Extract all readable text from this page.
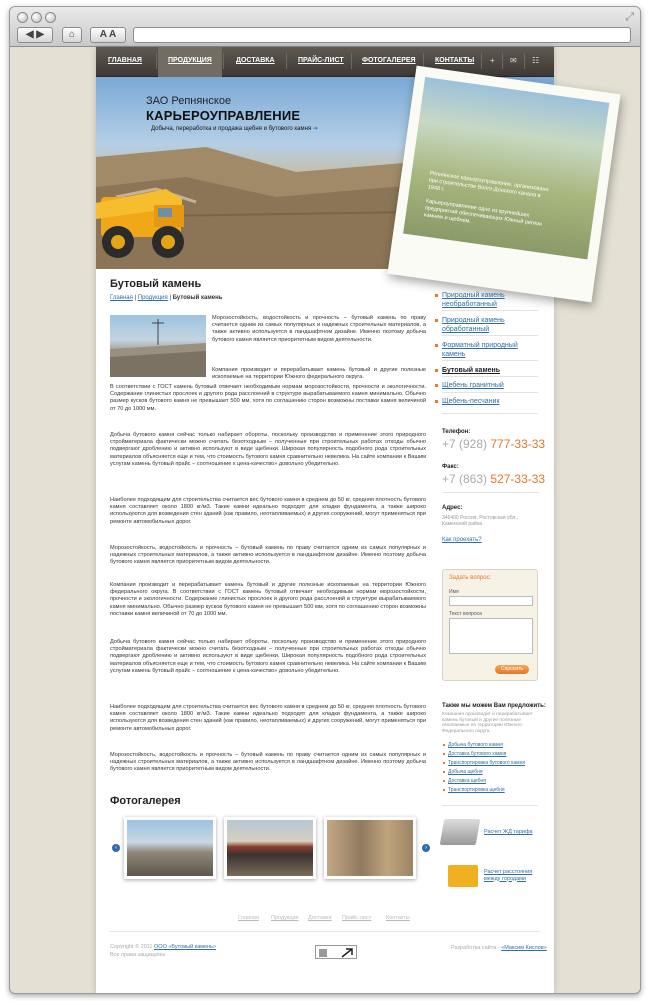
◀ ▶	⌂	A A
⤢
ГЛАВНАЯ	ПРОДУКЦИЯ	ДОСТАВКА	ПРАЙС-ЛИСТ	ФОТОГАЛЕРЕЯ	КОНТАКТЫ + ✉ ☷
ЗАО Репнянское
КАРЬЕРОУПРАВЛЕНИЕ
Добыча, переработка и продажа щебня и бутового камня ➔

Репнянское карьероуправление, организовано при строительстве Волго-Донского канала в 1948 г.

Карьероуправление одно из крупнейших предприятий обеспечивающих Южный регион камнем и щебнем.

Бутовый камень
Главная | Продукция | Бутовый камень
Морозостойкость, водостойкость и прочность – бутовый камень по праву считается одним из самых популярных и надежных строительных материалов, а также активно используется в ландшафтном дизайне. Именно поэтому добыча бутового камня является приоритетным видом деятельности.
Компания производит и перерабатывает камень бутовый и другие полезные ископаемые на территории Южного федерального округа.
В соответствии с ГОСТ камень бутовый отвечает необходимым нормам морозостойкости, прочности и экологичности. Содержание глинистых прослоек и другого рода расслоений в структуре вырабатываемого камня минимально. Обычно размер кусков бутового камня не превышает 500 мм, хотя по соглашению сторон возможны поставки камня величиной от 70 до 1000 мм.
Добыча бутового камня сейчас только набирает обороты, поскольку производство и применение этого природного стройматериала фактически можно считать безотходным – полученные при строительных работах отходы обычно подвергают дроблению и активно используют в виде щебенки. Широкая популярность подобного рода строительных материалов объясняется еще и тем, что стоимость бутового камня сравнительно невелика. На сайте компании к Вашим услугам камень бутовый прайс – соотношение к цена-качество» довольно убедительно.
Наиболее подходящим для строительства считается вес бутового камня в среднем до 50 кг, средняя плотность бутового камня составляет около 1800 кг/м3. Такие камни идеально подходят для кладки фундамента, а также широко используются для возведения стен зданий (как правило, неотапливаемых) и других сооружений, могут применяться при ремонте автомобильных дорог.
Морозостойкость, водостойкость и прочность – бутовый камень по праву считается одним из самых популярных и надежных строительных материалов, а также активно используется в ландшафтном дизайне. Именно поэтому добыча бутового камня является приоритетным видом деятельности.
Компания производит и перерабатывает камень бутовый и другие полезные ископаемые на территории Южного федерального округа. В соответствии с ГОСТ камень бутовый отвечает необходимым нормам морозостойкости, прочности и экологичности. Содержание глинистых прослоек и другого рода расслоений в структуре вырабатываемого камня минимально. Обычно размер кусков бутового камня не превышает 500 мм, хотя по соглашению сторон возможны поставки камня величиной от 70 до 1000 мм.
Добыча бутового камня сейчас только набирает обороты, поскольку производство и применение этого природного стройматериала фактически можно считать безотходным – полученные при строительных работах отходы обычно подвергают дроблению и активно используют в виде щебенки. Широкая популярность подобного рода строительных материалов объясняется еще и тем, что стоимость бутового камня сравнительно невелика. На сайте компании к Вашим услугам камень бутовый прайс – соотношение к цена-качество» довольно убедительно.
Наиболее подходящим для строительства считается вес бутового камня в среднем до 50 кг, средняя плотность бутового камня составляет около 1800 кг/м3. Такие камни идеально подходят для кладки фундамента, а также широко используются для возведения стен зданий (как правило, неотапливаемых) и других сооружений, могут применяться при ремонте автомобильных дорог.
Морозостойкость, водостойкость и прочность – бутовый камень по праву считается одним из самых популярных и надежных строительных материалов, а также активно используется в ландшафтном дизайне. Именно поэтому добыча бутового камня является приоритетным видом деятельности.
Фотогалерея
‹	›
Природный камень необработанный
Природный камень обработанный
Форматный природный камень
Бутовый камень
Щебень гранитный
Щебень-песчаник
Телефон:
+7 (928) 777-33-33
Факс:
+7 (863) 527-33-33
Адрес:
346400 Россия, Ростовская обл., Каменский район.
Как проехать?
Задать вопрос:
Имя
Текст вопроса
Спросить
Также мы можем Вам предложить:
Компания производит и перерабатывает камень бутовый и другие полезные ископаемые на территории Южного Федерального округа
Добыча бутового камня
Доставка бутового камня
Транспортировка бутового камня
Добыча щебня
Доставка щебня
Транспортировка щебня
Расчет ЖД тарифа
Расчет расстояния между городами
Главная Продукция Доставка Прайс-лист	Контакты
Copyright © 2011 ООО «Бутовый камень»
Все права защищены
Разработка сайта - «Максим Кислов»
